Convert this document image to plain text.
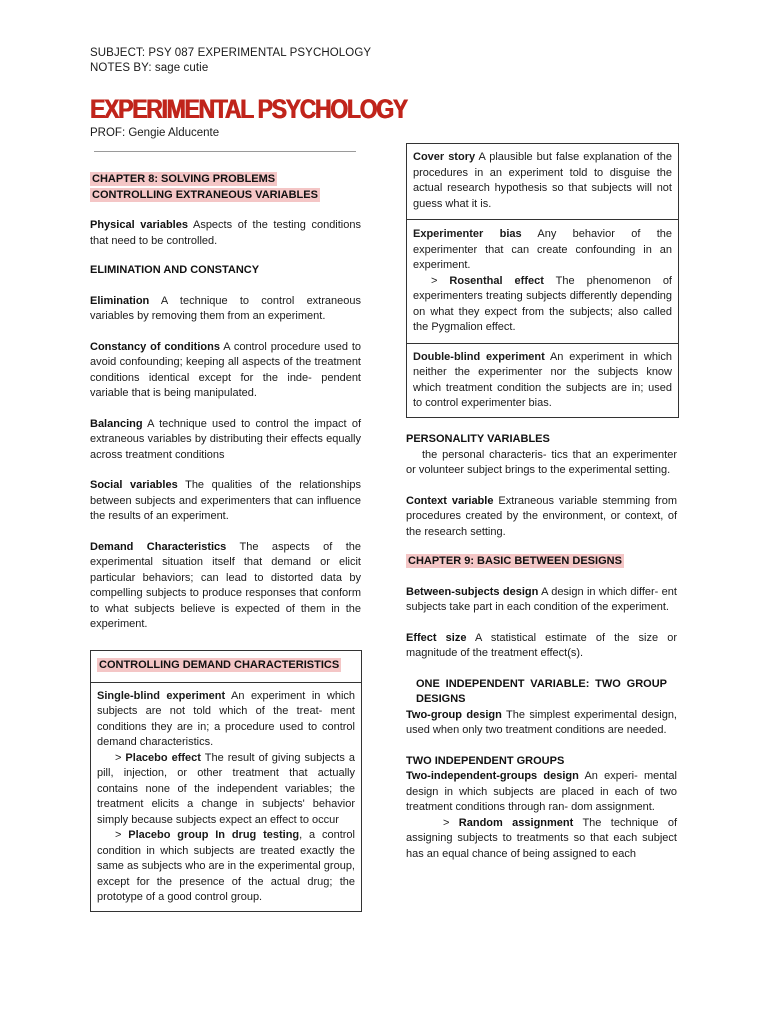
SUBJECT: PSY 087 EXPERIMENTAL PSYCHOLOGY
NOTES BY: sage cutie
EXPERIMENTAL PSYCHOLOGY
PROF: Gengie Alducente

CHAPTER 8: SOLVING PROBLEMS
CONTROLLING EXTRANEOUS VARIABLES

Physical variables Aspects of the testing conditions that need to be controlled.

ELIMINATION AND CONSTANCY

Elimination A technique to control extraneous variables by removing them from an experiment.

Constancy of conditions A control procedure used to avoid confounding; keeping all aspects of the treatment conditions identical except for the inde- pendent variable that is being manipulated.

Balancing A technique used to control the impact of extraneous variables by distributing their effects equally across treatment conditions

Social variables The qualities of the relationships between subjects and experimenters that can influence the results of an experiment.

Demand Characteristics The aspects of the experimental situation itself that demand or elicit particular behaviors; can lead to distorted data by compelling subjects to produce responses that conform to what subjects believe is expected of them in the experiment.

CONTROLLING DEMAND CHARACTERISTICS

Single-blind experiment An experiment in which subjects are not told which of the treat- ment conditions they are in; a procedure used to control demand characteristics.

> Placebo effect The result of giving subjects a pill, injection, or other treatment that actually contains none of the independent variables; the treatment elicits a change in subjects' behavior simply because subjects expect an effect to occur

> Placebo group In drug testing, a control condition in which subjects are treated exactly the same as subjects who are in the experimental group, except for the presence of the actual drug; the prototype of a good control group.

Cover story A plausible but false explanation of the procedures in an experiment told to disguise the actual research hypothesis so that subjects will not guess what it is.

Experimenter bias Any behavior of the experimenter that can create confounding in an experiment.

> Rosenthal effect The phenomenon of experimenters treating subjects differently depending on what they expect from the subjects; also called the Pygmalion effect.

Double-blind experiment An experiment in which neither the experimenter nor the subjects know which treatment condition the subjects are in; used to control experimenter bias.

PERSONALITY VARIABLES

the personal characteris- tics that an experimenter or volunteer subject brings to the experimental setting.

Context variable Extraneous variable stemming from procedures created by the environment, or context, of the research setting.

CHAPTER 9: BASIC BETWEEN DESIGNS

Between-subjects design A design in which differ- ent subjects take part in each condition of the experiment.

Effect size A statistical estimate of the size or magnitude of the treatment effect(s).

ONE INDEPENDENT VARIABLE: TWO GROUP DESIGNS

Two-group design The simplest experimental design, used when only two treatment conditions are needed.

TWO INDEPENDENT GROUPS

Two-independent-groups design An experi- mental design in which subjects are placed in each of two treatment conditions through ran- dom assignment.

> Random assignment The technique of assigning subjects to treatments so that each subject has an equal chance of being assigned to each
